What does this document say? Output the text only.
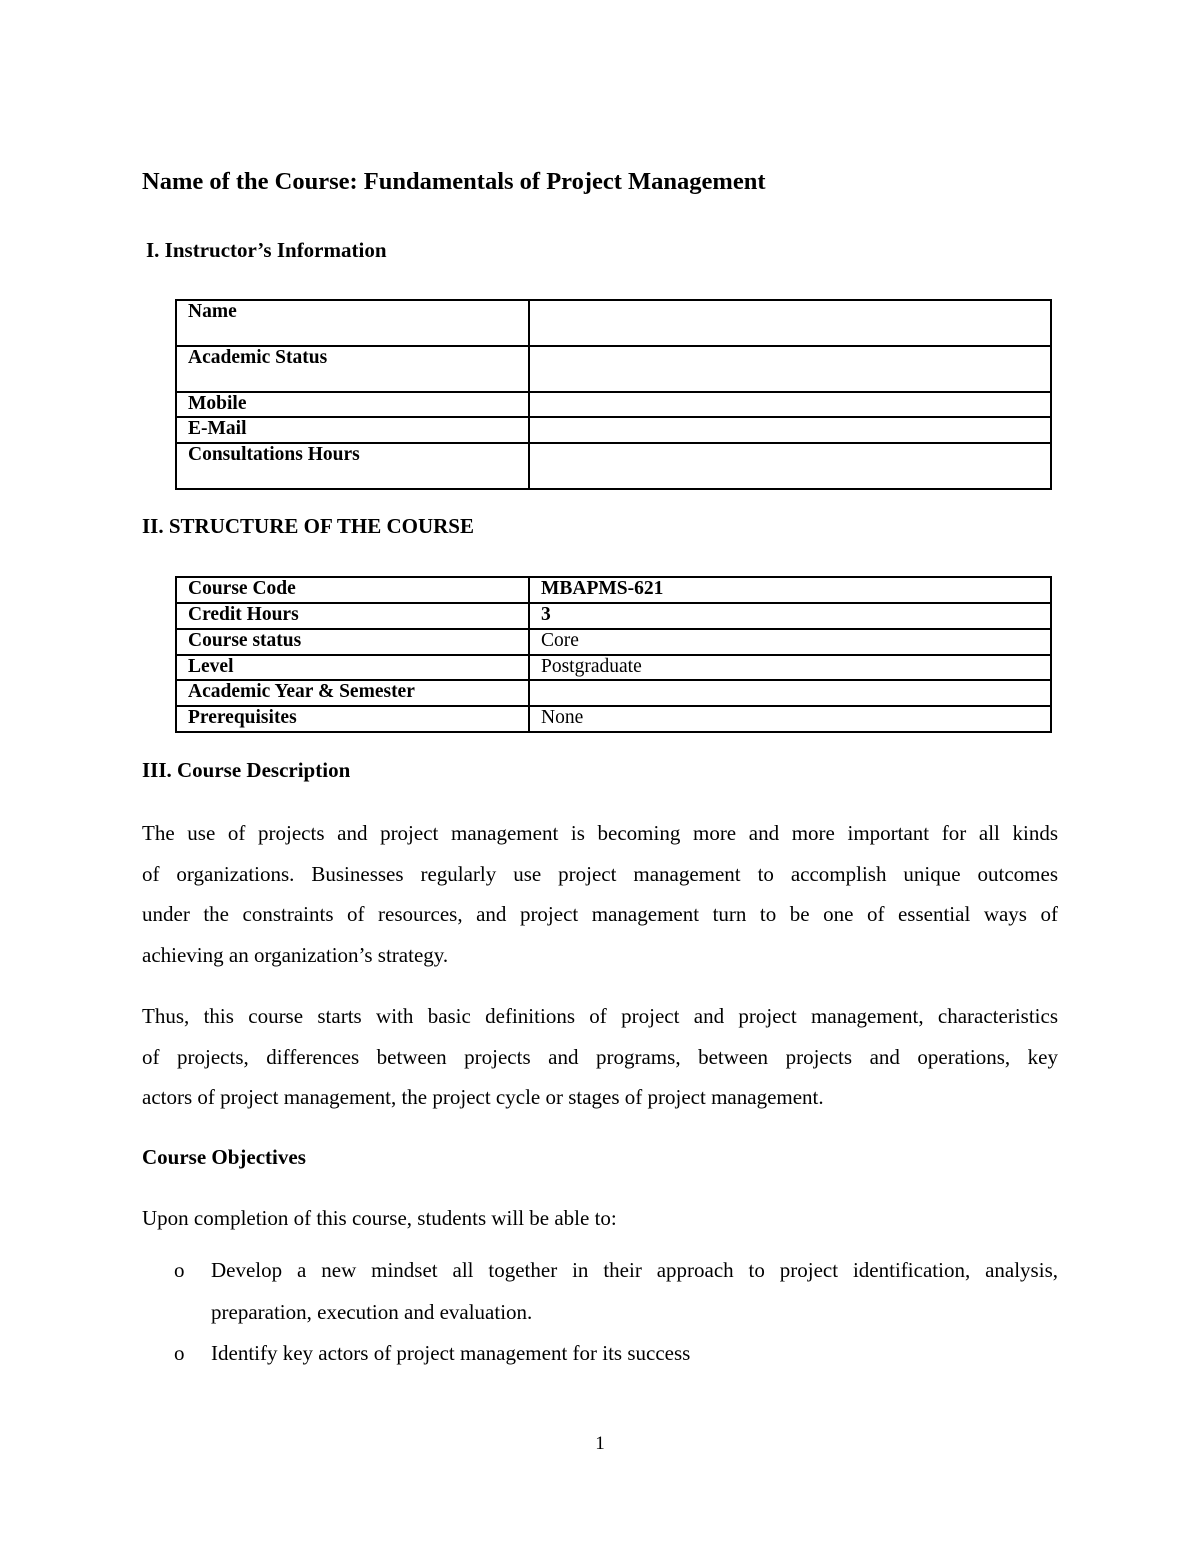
Name of the Course: Fundamentals of Project Management
I. Instructor’s Information
Name	
Academic Status	
Mobile	
E-Mail	
Consultations Hours	
II. STRUCTURE OF THE COURSE
Course Code	MBAPMS-621
Credit Hours	3
Course status	Core
Level	Postgraduate
Academic Year & Semester	
Prerequisites	None
III. Course Description

The use of projects and project management is becoming more and more important for all kinds
of organizations. Businesses regularly use project management to accomplish unique outcomes
under the constraints of resources, and project management turn to be one of essential ways of
achieving an organization’s strategy.

Thus, this course starts with basic definitions of project and project management, characteristics
of projects, differences between projects and programs, between projects and operations, key
actors of project management, the project cycle or stages of project management.

Course Objectives

Upon completion of this course, students will be able to:

o Develop a new mindset all together in their approach to project identification, analysis,
preparation, execution and evaluation.
o Identify key actors of project management for its success

1
